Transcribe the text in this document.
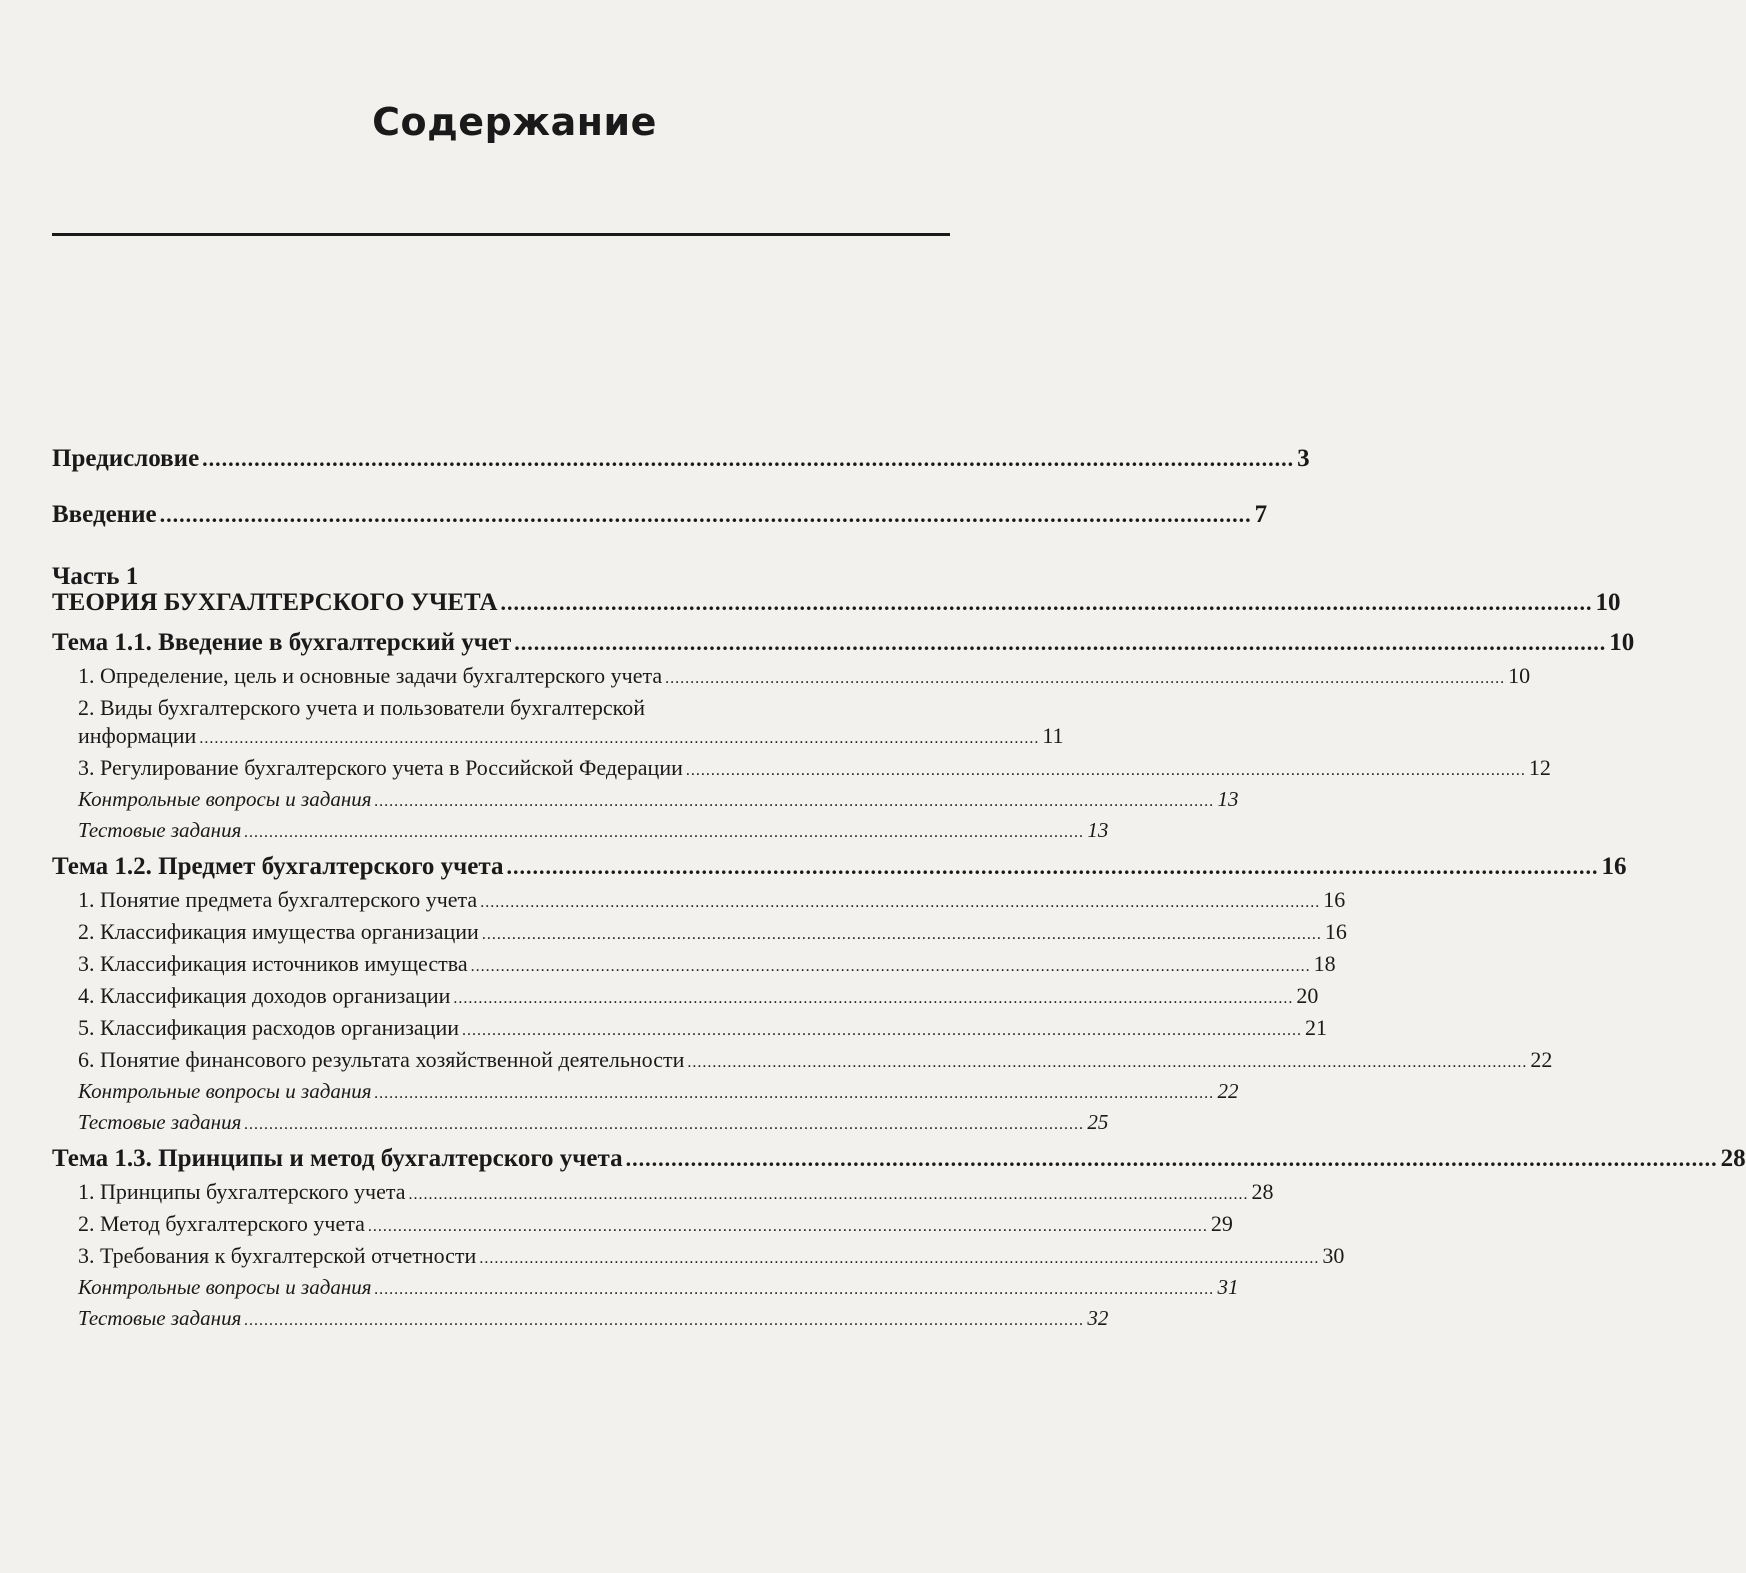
Содержание
Предисловие ........................................................................................................................................................................ 3
Введение ........................................................................................................................................................................ 7
Часть 1
ТЕОРИЯ БУХГАЛТЕРСКОГО УЧЕТА ........................................................................................................................................................................ 10
Тема 1.1. Введение в бухгалтерский учет ........................................................................................................................................................................ 10
1. Определение, цель и основные задачи бухгалтерского учета ........................................................................................................................................................................ 10
2. Виды бухгалтерского учета и пользователи бухгалтерской
информации ........................................................................................................................................................................ 11
3. Регулирование бухгалтерского учета в Российской Федерации ........................................................................................................................................................................ 12
Контрольные вопросы и задания ........................................................................................................................................................................ 13
Тестовые задания ........................................................................................................................................................................ 13
Тема 1.2. Предмет бухгалтерского учета ........................................................................................................................................................................ 16
1. Понятие предмета бухгалтерского учета ........................................................................................................................................................................ 16
2. Классификация имущества организации ........................................................................................................................................................................ 16
3. Классификация источников имущества ........................................................................................................................................................................ 18
4. Классификация доходов организации ........................................................................................................................................................................ 20
5. Классификация расходов организации ........................................................................................................................................................................ 21
6. Понятие финансового результата хозяйственной деятельности ........................................................................................................................................................................ 22
Контрольные вопросы и задания ........................................................................................................................................................................ 22
Тестовые задания ........................................................................................................................................................................ 25
Тема 1.3. Принципы и метод бухгалтерского учета ........................................................................................................................................................................ 28
1. Принципы бухгалтерского учета ........................................................................................................................................................................ 28
2. Метод бухгалтерского учета ........................................................................................................................................................................ 29
3. Требования к бухгалтерской отчетности ........................................................................................................................................................................ 30
Контрольные вопросы и задания ........................................................................................................................................................................ 31
Тестовые задания ........................................................................................................................................................................ 32
